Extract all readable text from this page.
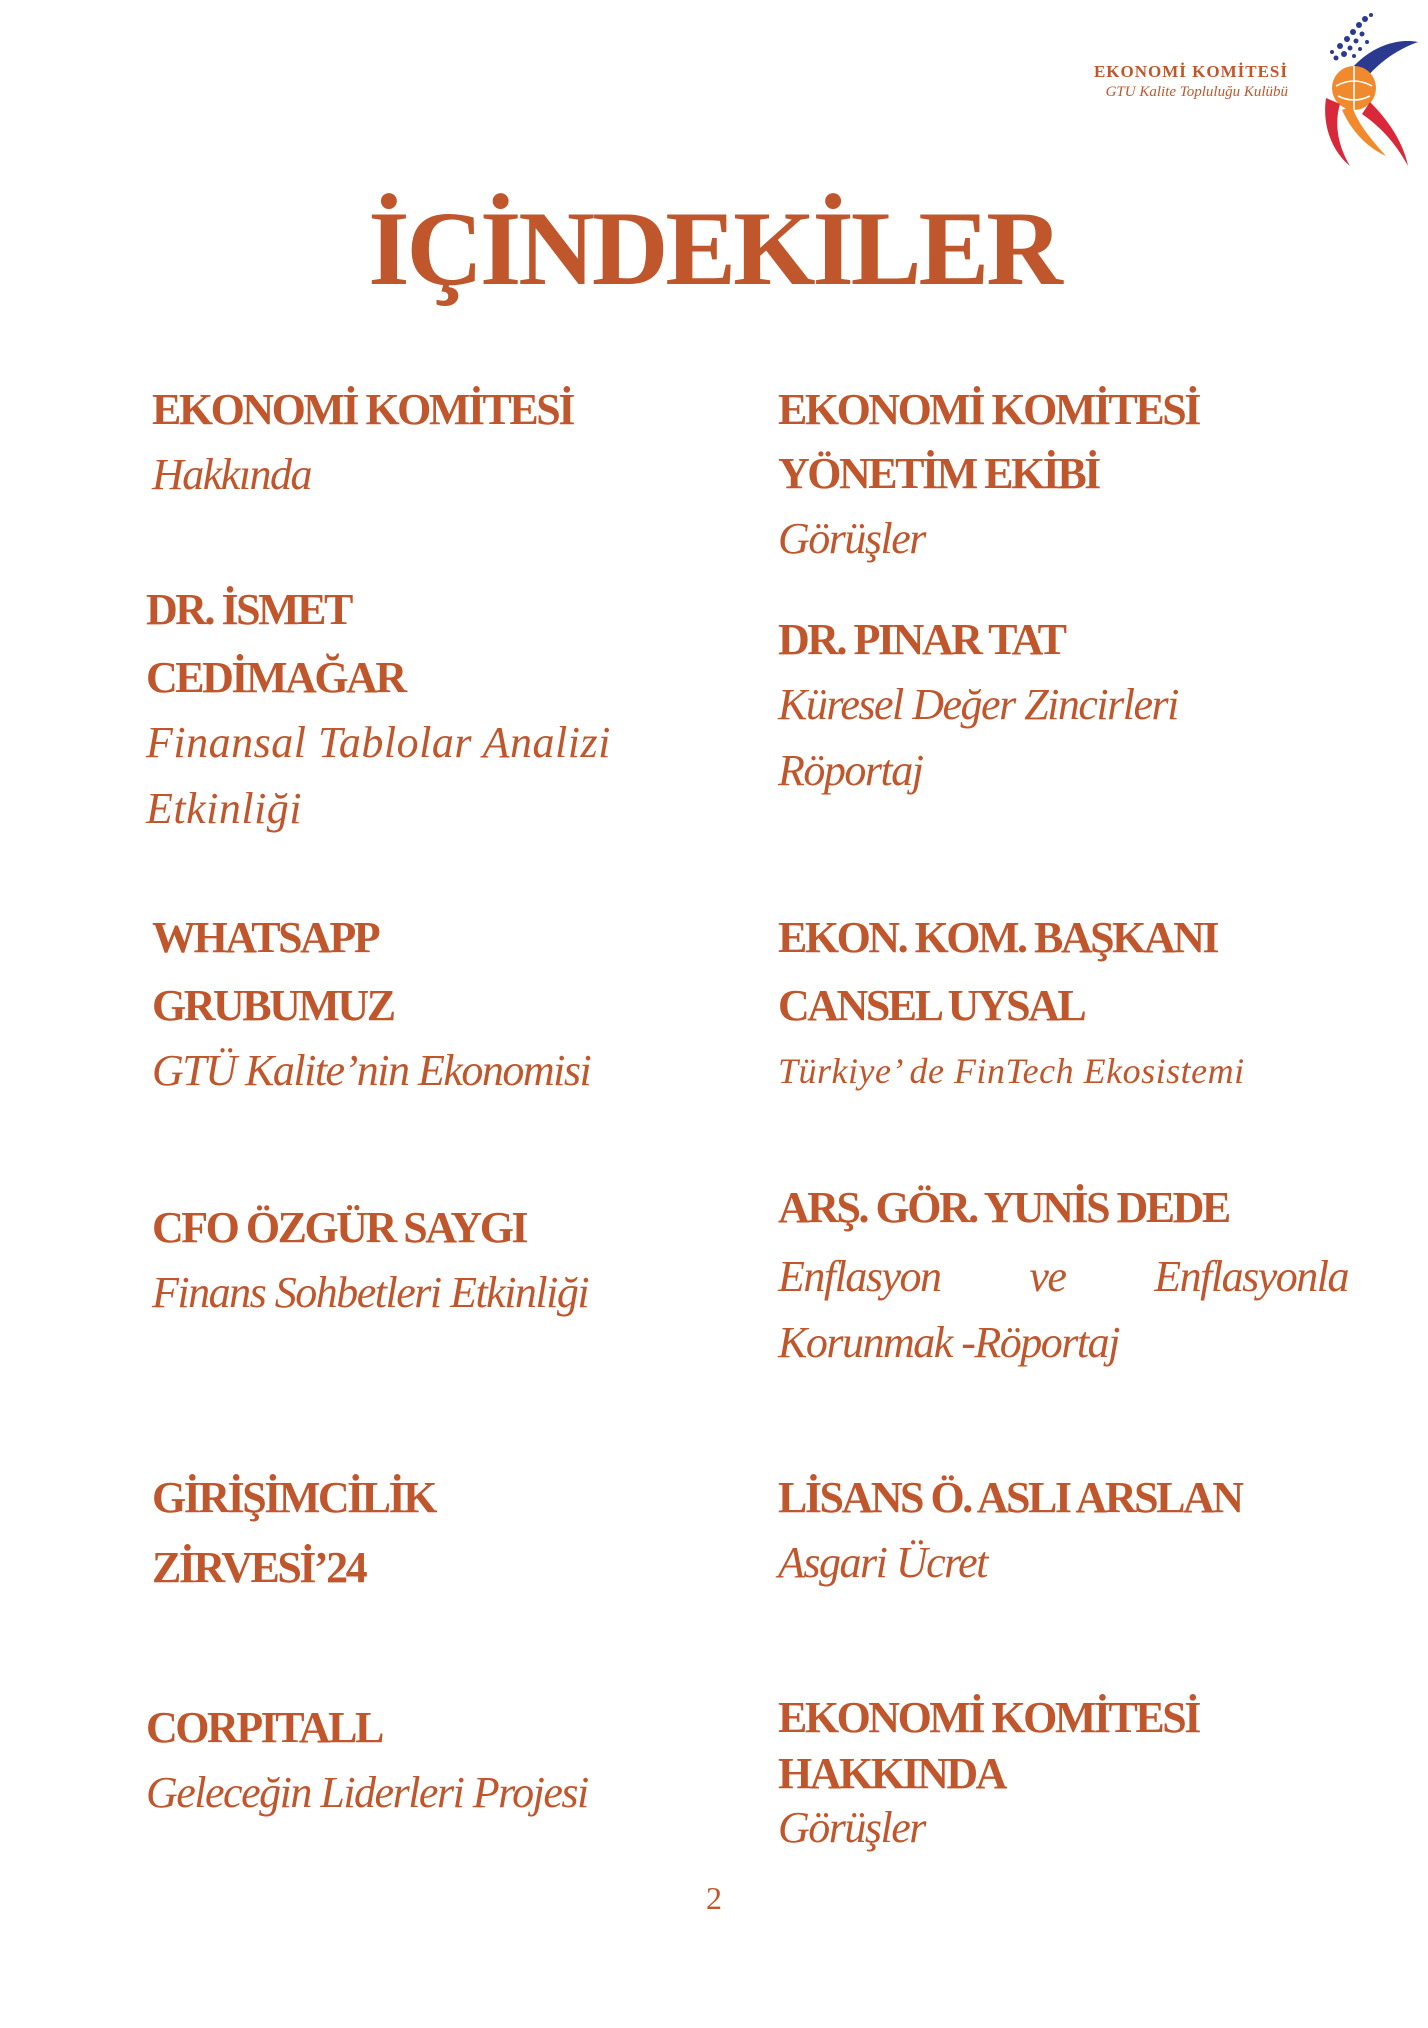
EKONOMİ KOMİTESİ
GTU Kalite Topluluğu Kulübü
İÇİNDEKİLER
EKONOMİ KOMİTESİ
Hakkında
DR. İSMET
CEDİMAĞAR
Finansal Tablolar Analizi
Etkinliği
WHATSAPP
GRUBUMUZ
GTÜ Kalite’nin Ekonomisi
CFO ÖZGÜR SAYGI
Finans Sohbetleri Etkinliği
GİRİŞİMCİLİK
ZİRVESİ’24
CORPITALL
Geleceğin Liderleri Projesi
EKONOMİ KOMİTESİ
YÖNETİM EKİBİ
Görüşler
DR. PINAR TAT
Küresel Değer Zincirleri
Röportaj
EKON. KOM. BAŞKANI
CANSEL UYSAL
Türkiye’ de FinTech Ekosistemi
ARŞ. GÖR. YUNİS DEDE
Enflasyon ve Enflasyonla
Korunmak -Röportaj
LİSANS Ö. ASLI ARSLAN
Asgari Ücret
EKONOMİ KOMİTESİ
HAKKINDA
Görüşler
2
